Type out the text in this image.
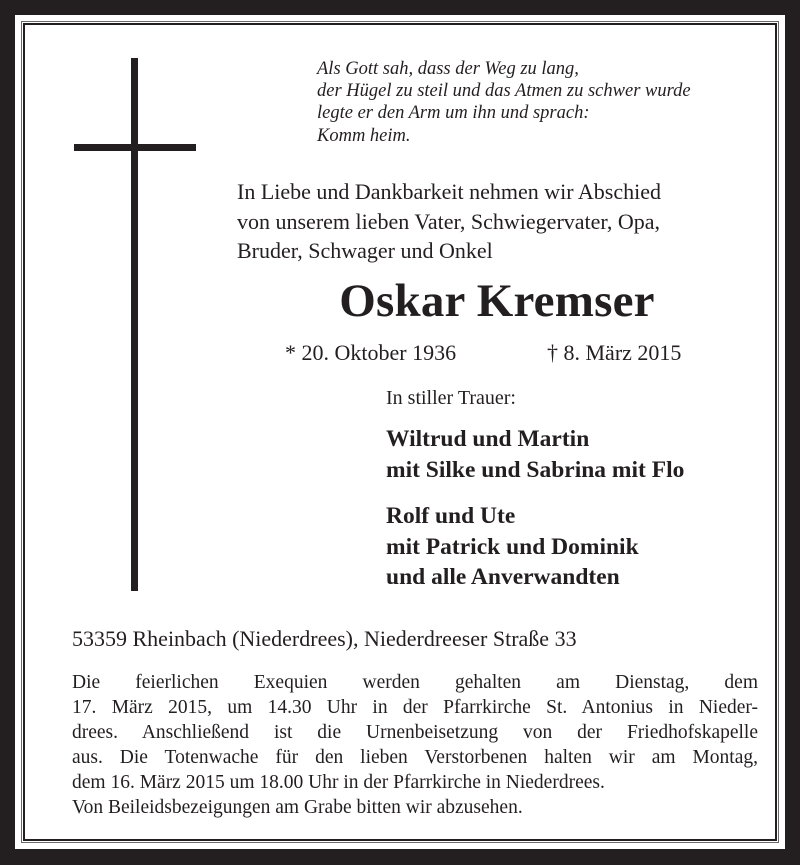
Als Gott sah, dass der Weg zu lang,
der Hügel zu steil und das Atmen zu schwer wurde
legte er den Arm um ihn und sprach:
Komm heim.
In Liebe und Dankbarkeit nehmen wir Abschied
von unserem lieben Vater, Schwiegervater, Opa,
Bruder, Schwager und Onkel
Oskar Kremser
* 20. Oktober 1936	† 8. März 2015
In stiller Trauer:
Wiltrud und Martin
mit Silke und Sabrina mit Flo
Rolf und Ute
mit Patrick und Dominik
und alle Anverwandten
53359 Rheinbach (Niederdrees), Niederdreeser Straße 33
Die feierlichen Exequien werden gehalten am Dienstag, dem
17. März 2015, um 14.30 Uhr in der Pfarrkirche St. Antonius in Nieder-
drees. Anschließend ist die Urnenbeisetzung von der Friedhofskapelle
aus. Die Totenwache für den lieben Verstorbenen halten wir am Montag,
dem 16. März 2015 um 18.00 Uhr in der Pfarrkirche in Niederdrees.
Von Beileidsbezeigungen am Grabe bitten wir abzusehen.
